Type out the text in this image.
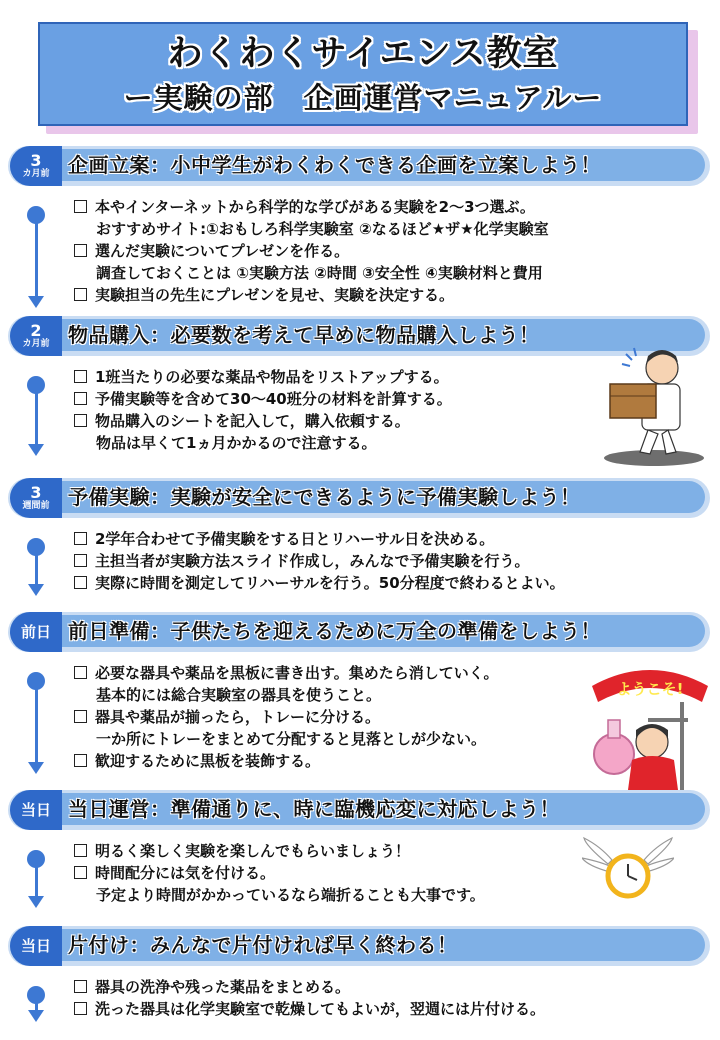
わくわくサイエンス教室
ー実験の部　企画運営マニュアルー
3
カ月前 企画立案：小中学生がわくわくできる企画を立案しよう！
本やインターネットから科学的な学びがある実験を2〜3つ選ぶ。
おすすめサイト:①おもしろ科学実験室 ②なるほど★ザ★化学実験室
選んだ実験についてプレゼンを作る。
調査しておくことは ①実験方法 ②時間 ③安全性 ④実験材料と費用
実験担当の先生にプレゼンを見せ、実験を決定する。
2
カ月前 物品購入：必要数を考えて早めに物品購入しよう！
1班当たりの必要な薬品や物品をリストアップする。
予備実験等を含めて30〜40班分の材料を計算する。
物品購入のシートを記入して，購入依頼する。
物品は早くて1ヵ月かかるので注意する。
3
週間前 予備実験：実験が安全にできるように予備実験しよう！
2学年合わせて予備実験をする日とリハーサル日を決める。
主担当者が実験方法スライド作成し，みんなで予備実験を行う。
実際に時間を測定してリハーサルを行う。50分程度で終わるとよい。
前日 前日準備：子供たちを迎えるために万全の準備をしよう！
必要な器具や薬品を黒板に書き出す。集めたら消していく。
基本的には総合実験室の器具を使うこと。
器具や薬品が揃ったら，トレーに分ける。
一か所にトレーをまとめて分配すると見落としが少ない。
歓迎するために黒板を装飾する。
当日 当日運営：準備通りに、時に臨機応変に対応しよう！
明るく楽しく実験を楽しんでもらいましょう！
時間配分には気を付ける。
予定より時間がかかっているなら端折ることも大事です。
当日 片付け：みんなで片付ければ早く終わる！
器具の洗浄や残った薬品をまとめる。
洗った器具は化学実験室で乾燥してもよいが，翌週には片付ける。
ようこそ!
